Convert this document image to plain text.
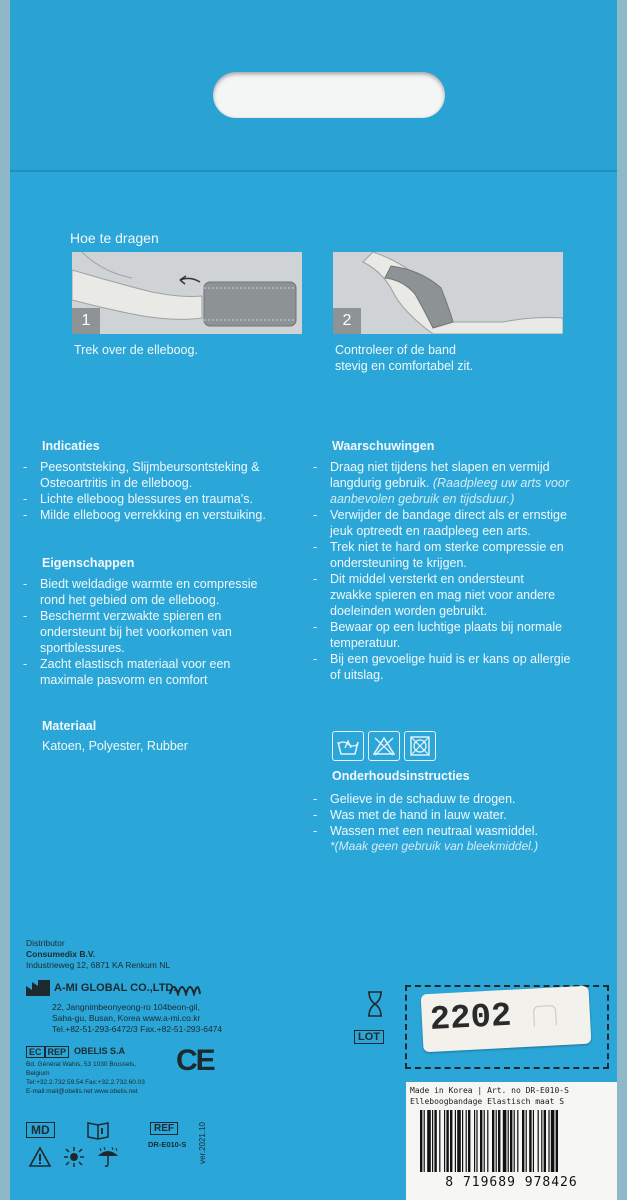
Hoe te dragen
1
Trek over de elleboog.
2
Controleer of de band
stevig en comfortabel zit.
Indicaties
- Peesontsteking, Slijmbeursontsteking &
Osteoartritis in de elleboog.
- Lichte elleboog blessures en trauma's.
- Milde elleboog verrekking en verstuiking.
Eigenschappen
- Biedt weldadige warmte en compressie
rond het gebied om de elleboog.
- Beschermt verzwakte spieren en
ondersteunt bij het voorkomen van
sportblessures.
- Zacht elastisch materiaal voor een
maximale pasvorm en comfort
Materiaal
Katoen, Polyester, Rubber
Waarschuwingen
- Draag niet tijdens het slapen en vermijd
langdurig gebruik. (Raadpleeg uw arts voor
aanbevolen gebruik en tijdsduur.)
- Verwijder de bandage direct als er ernstige
jeuk optreedt en raadpleeg een arts.
- Trek niet te hard om sterke compressie en
ondersteuning te krijgen.
- Dit middel versterkt en ondersteunt
zwakke spieren en mag niet voor andere
doeleinden worden gebruikt.
- Bewaar op een luchtige plaats bij normale
temperatuur.
- Bij een gevoelige huid is er kans op allergie
of uitslag.
Onderhoudsinstructies
- Gelieve in de schaduw te drogen.
- Was met de hand in lauw water.
- Wassen met een neutraal wasmiddel.
*(Maak geen gebruik van bleekmiddel.)
Distributor
Consumedix B.V.
Industrieweg 12, 6871 KA Renkum NL
A-MI GLOBAL CO.,LTD.
22, Jangnimbeonyeong-ro 104beon-gil,
Saha-gu, Busan, Korea www.a-mi.co.kr
Tel.+82-51-293-6472/3 Fax.+82-51-293-6474
EC REP OBELIS S.A
Bd. Général Wahis, 53 1030 Brussels,
Belgium
Tel:+32.2.732.59.54 Fax:+32.2.732.60.03
E-mail:mail@obelis.net www.obelis.net
CE
MD	REF
DR-E010-S ver.2021.10
LOT 2202
Made in Korea | Art. no DR-E010-S
Elleboogbandage Elastisch maat S
8 719689 978426
